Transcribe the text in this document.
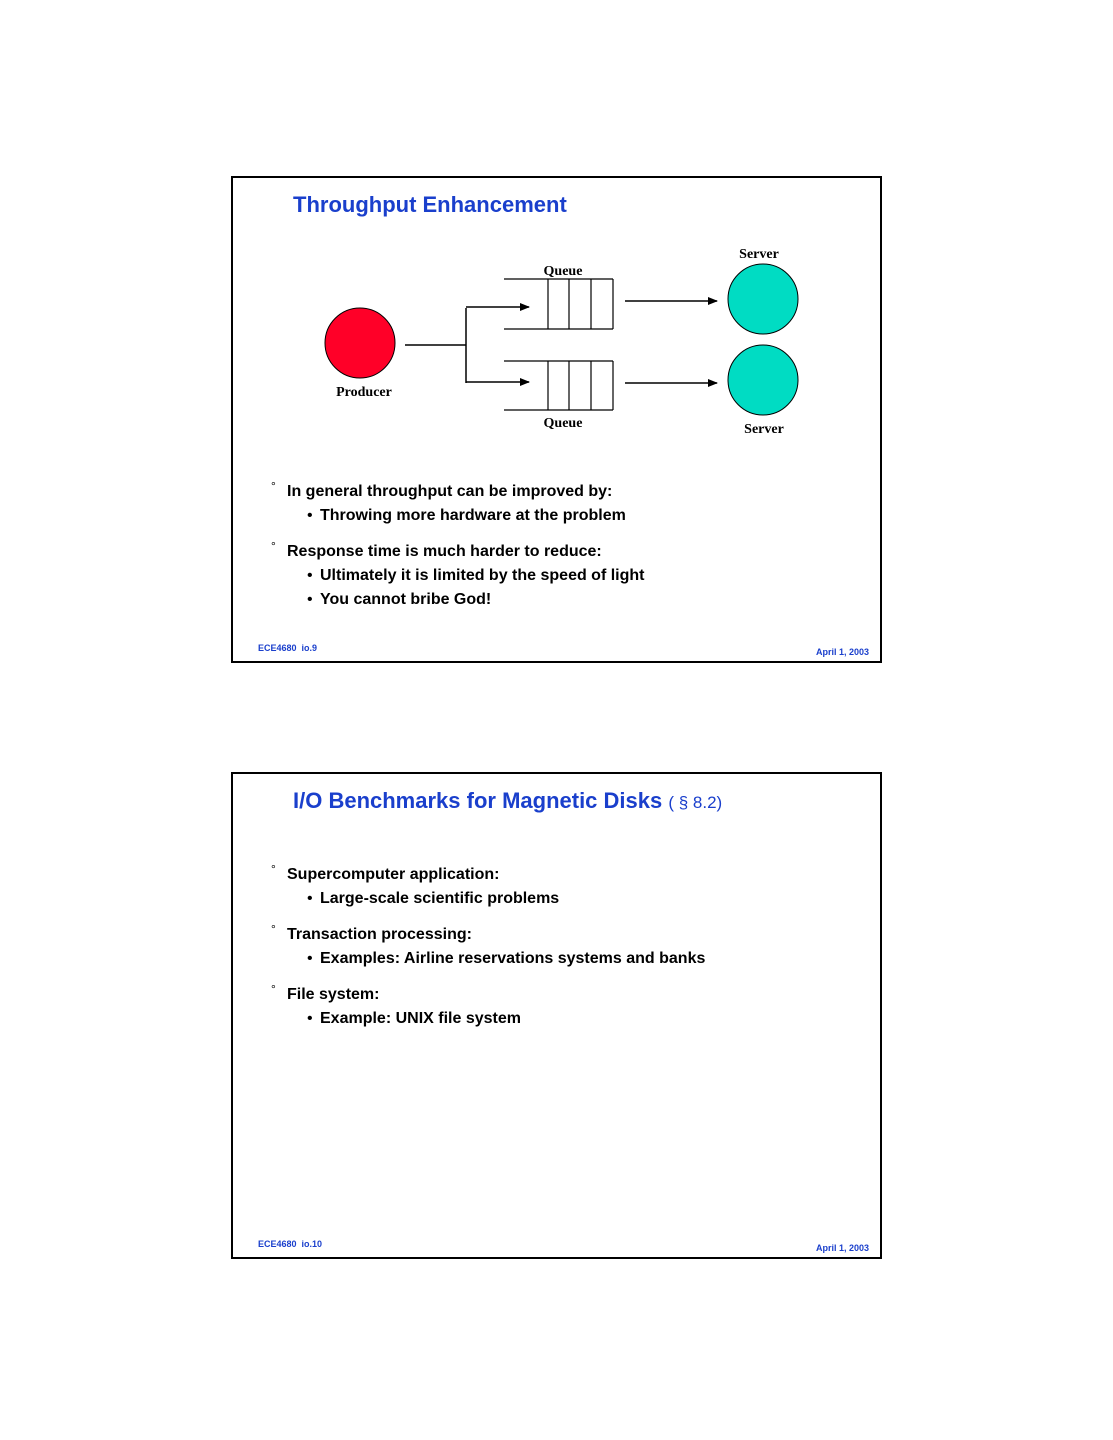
Throughput Enhancement
Producer
Queue
Queue
Server
Server
° In general throughput can be improved by:
• Throwing more hardware at the problem
° Response time is much harder to reduce:
• Ultimately it is limited by the speed of light
• You cannot bribe God!
ECE4680  io.9	April 1, 2003
I/O Benchmarks for Magnetic Disks ( § 8.2)
° Supercomputer application:
• Large-scale scientific problems
° Transaction processing:
• Examples: Airline reservations systems and banks
° File system:
• Example: UNIX file system
ECE4680  io.10	April 1, 2003
